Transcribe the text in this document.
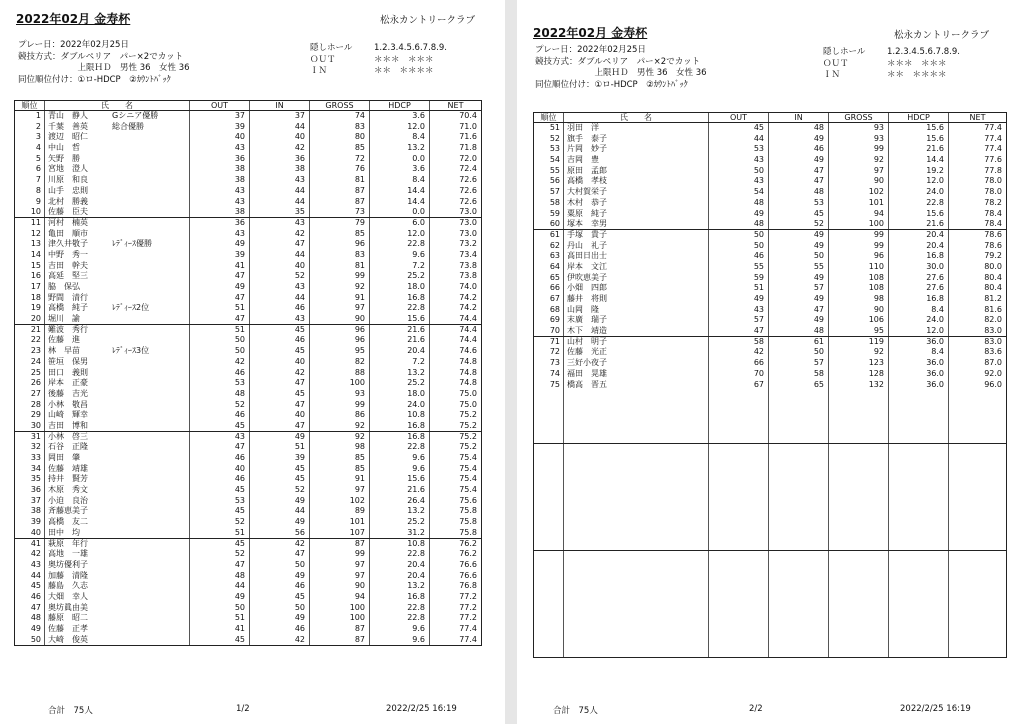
2022年02月 金寿杯	松永カントリークラブ
プレー日：2022年02月25日
競技方式：ダブルペリア　パー×2でカット
　　　　　　　上限ＨＤ　男性 36　女性 36
同位順位付け：①ロ-HDCP　②ｶｳﾝﾄﾊﾞｯｸ
隠しホール	1.2.3.4.5.6.7.8.9.
ＯＵＴ	＊＊＊　＊＊＊
ＩＮ	＊＊　＊＊＊＊
順位	氏　　名	OUT	IN	GROSS	HDCP	NET
1 青山　静人	Gシニア優勝	37	37	74	3.6	70.4
2 千葉　善英	総合優勝	39	44	83	12.0	71.0
3 渡辺　昭仁	40	40	80	8.4	71.6
4 中山　哲	43	42	85	13.2	71.8
5 矢野　勝	36	36	72	0.0	72.0
6 宮地　澄人	38	38	76	3.6	72.4
7 川原　和良	38	43	81	8.4	72.6
8 山手　忠則	43	44	87	14.4	72.6
9 北村　勝義	43	44	87	14.4	72.6
10 佐藤　臣夫	38	35	73	0.0	73.0
11 河村　楠英	36	43	79	6.0	73.0
12 亀田　順市	43	42	85	12.0	73.0
13 津久井敬子	ﾚﾃﾞｨｰｽ優勝	49	47	96	22.8	73.2
14 中野　秀一	39	44	83	9.6	73.4
15 吉田　幹夫	41	40	81	7.2	73.8
16 高延　堅三	47	52	99	25.2	73.8
17 脇　保弘	49	43	92	18.0	74.0
18 野間　清行	47	44	91	16.8	74.2
19 高橋　純子	ﾚﾃﾞｨｰｽ2位	51	46	97	22.8	74.2
20 堀川　諭	47	43	90	15.6	74.4
21 難波　秀行	51	45	96	21.6	74.4
22 佐藤　進	50	46	96	21.6	74.4
23 林　早苗	ﾚﾃﾞｨｰｽ3位	50	45	95	20.4	74.6
24 笹垣　保男	42	40	82	7.2	74.8
25 田口　義則	46	42	88	13.2	74.8
26 岸本　正豪	53	47	100	25.2	74.8
27 後藤　吉光	48	45	93	18.0	75.0
28 小林　敬昌	52	47	99	24.0	75.0
29 山崎　輝幸	46	40	86	10.8	75.2
30 吉田　博和	45	47	92	16.8	75.2
31 小林　啓三	43	49	92	16.8	75.2
32 石谷　正隆	47	51	98	22.8	75.2
33 岡田　肇	46	39	85	9.6	75.4
34 佐藤　靖雄	40	45	85	9.6	75.4
35 持井　賢芳	46	45	91	15.6	75.4
36 木原　秀文	45	52	97	21.6	75.4
37 小迫　良治	53	49	102	26.4	75.6
38 斉藤恵美子	45	44	89	13.2	75.8
39 高橋　友二	52	49	101	25.2	75.8
40 田中　均	51	56	107	31.2	75.8
41 萩原　年行	45	42	87	10.8	76.2
42 高地　一雄	52	47	99	22.8	76.2
43 奥坊優利子	47	50	97	20.4	76.6
44 加藤　清隆	48	49	97	20.4	76.6
45 藤島　久志	44	46	90	13.2	76.8
46 大畑　幸人	49	45	94	16.8	77.2
47 奥坊眞由美	50	50	100	22.8	77.2
48 藤原　昭二	51	49	100	22.8	77.2
49 佐藤　正孝	41	46	87	9.6	77.4
50 大崎　俊英	45	42	87	9.6	77.4
合計　75人	1/2	2022/2/25 16:19
2022年02月 金寿杯	松永カントリークラブ
プレー日：2022年02月25日
競技方式：ダブルペリア　パー×2でカット
　　　　　　　上限ＨＤ　男性 36　女性 36
同位順位付け：①ロ-HDCP　②ｶｳﾝﾄﾊﾞｯｸ
隠しホール	1.2.3.4.5.6.7.8.9.
ＯＵＴ	＊＊＊　＊＊＊
ＩＮ	＊＊　＊＊＊＊
順位	氏　　名	OUT	IN	GROSS	HDCP	NET
51 羽田　洋	45	48	93	15.6	77.4
52 旗手　泰子	44	49	93	15.6	77.4
53 片岡　妙子	53	46	99	21.6	77.4
54 吉岡　豊	43	49	92	14.4	77.6
55 原田　孟郎	50	47	97	19.2	77.8
56 高橋　孝枝	43	47	90	12.0	78.0
57 大村賀栄子	54	48	102	24.0	78.0
58 木村　恭子	48	53	101	22.8	78.2
59 粟原　純子	49	45	94	15.6	78.4
60 塚本　幸男	48	52	100	21.6	78.4
61 手塚　貴子	50	49	99	20.4	78.6
62 丹山　礼子	50	49	99	20.4	78.6
63 高田日出士	46	50	96	16.8	79.2
64 岸本　文江	55	55	110	30.0	80.0
65 伊吹恵美子	59	49	108	27.6	80.4
66 小畑　四郎	51	57	108	27.6	80.4
67 藤井　将則	49	49	98	16.8	81.2
68 山岡　隆	43	47	90	8.4	81.6
69 末廣　瑞子	57	49	106	24.0	82.0
70 木下　靖造	47	48	95	12.0	83.0
71 山村　明子	58	61	119	36.0	83.0
72 佐藤　光正	42	50	92	8.4	83.6
73 三好小夜子	66	57	123	36.0	87.0
74 福田　晃雄	70	58	128	36.0	92.0
75 橋高　晋五	67	65	132	36.0	96.0
合計　75人	2/2	2022/2/25 16:19
